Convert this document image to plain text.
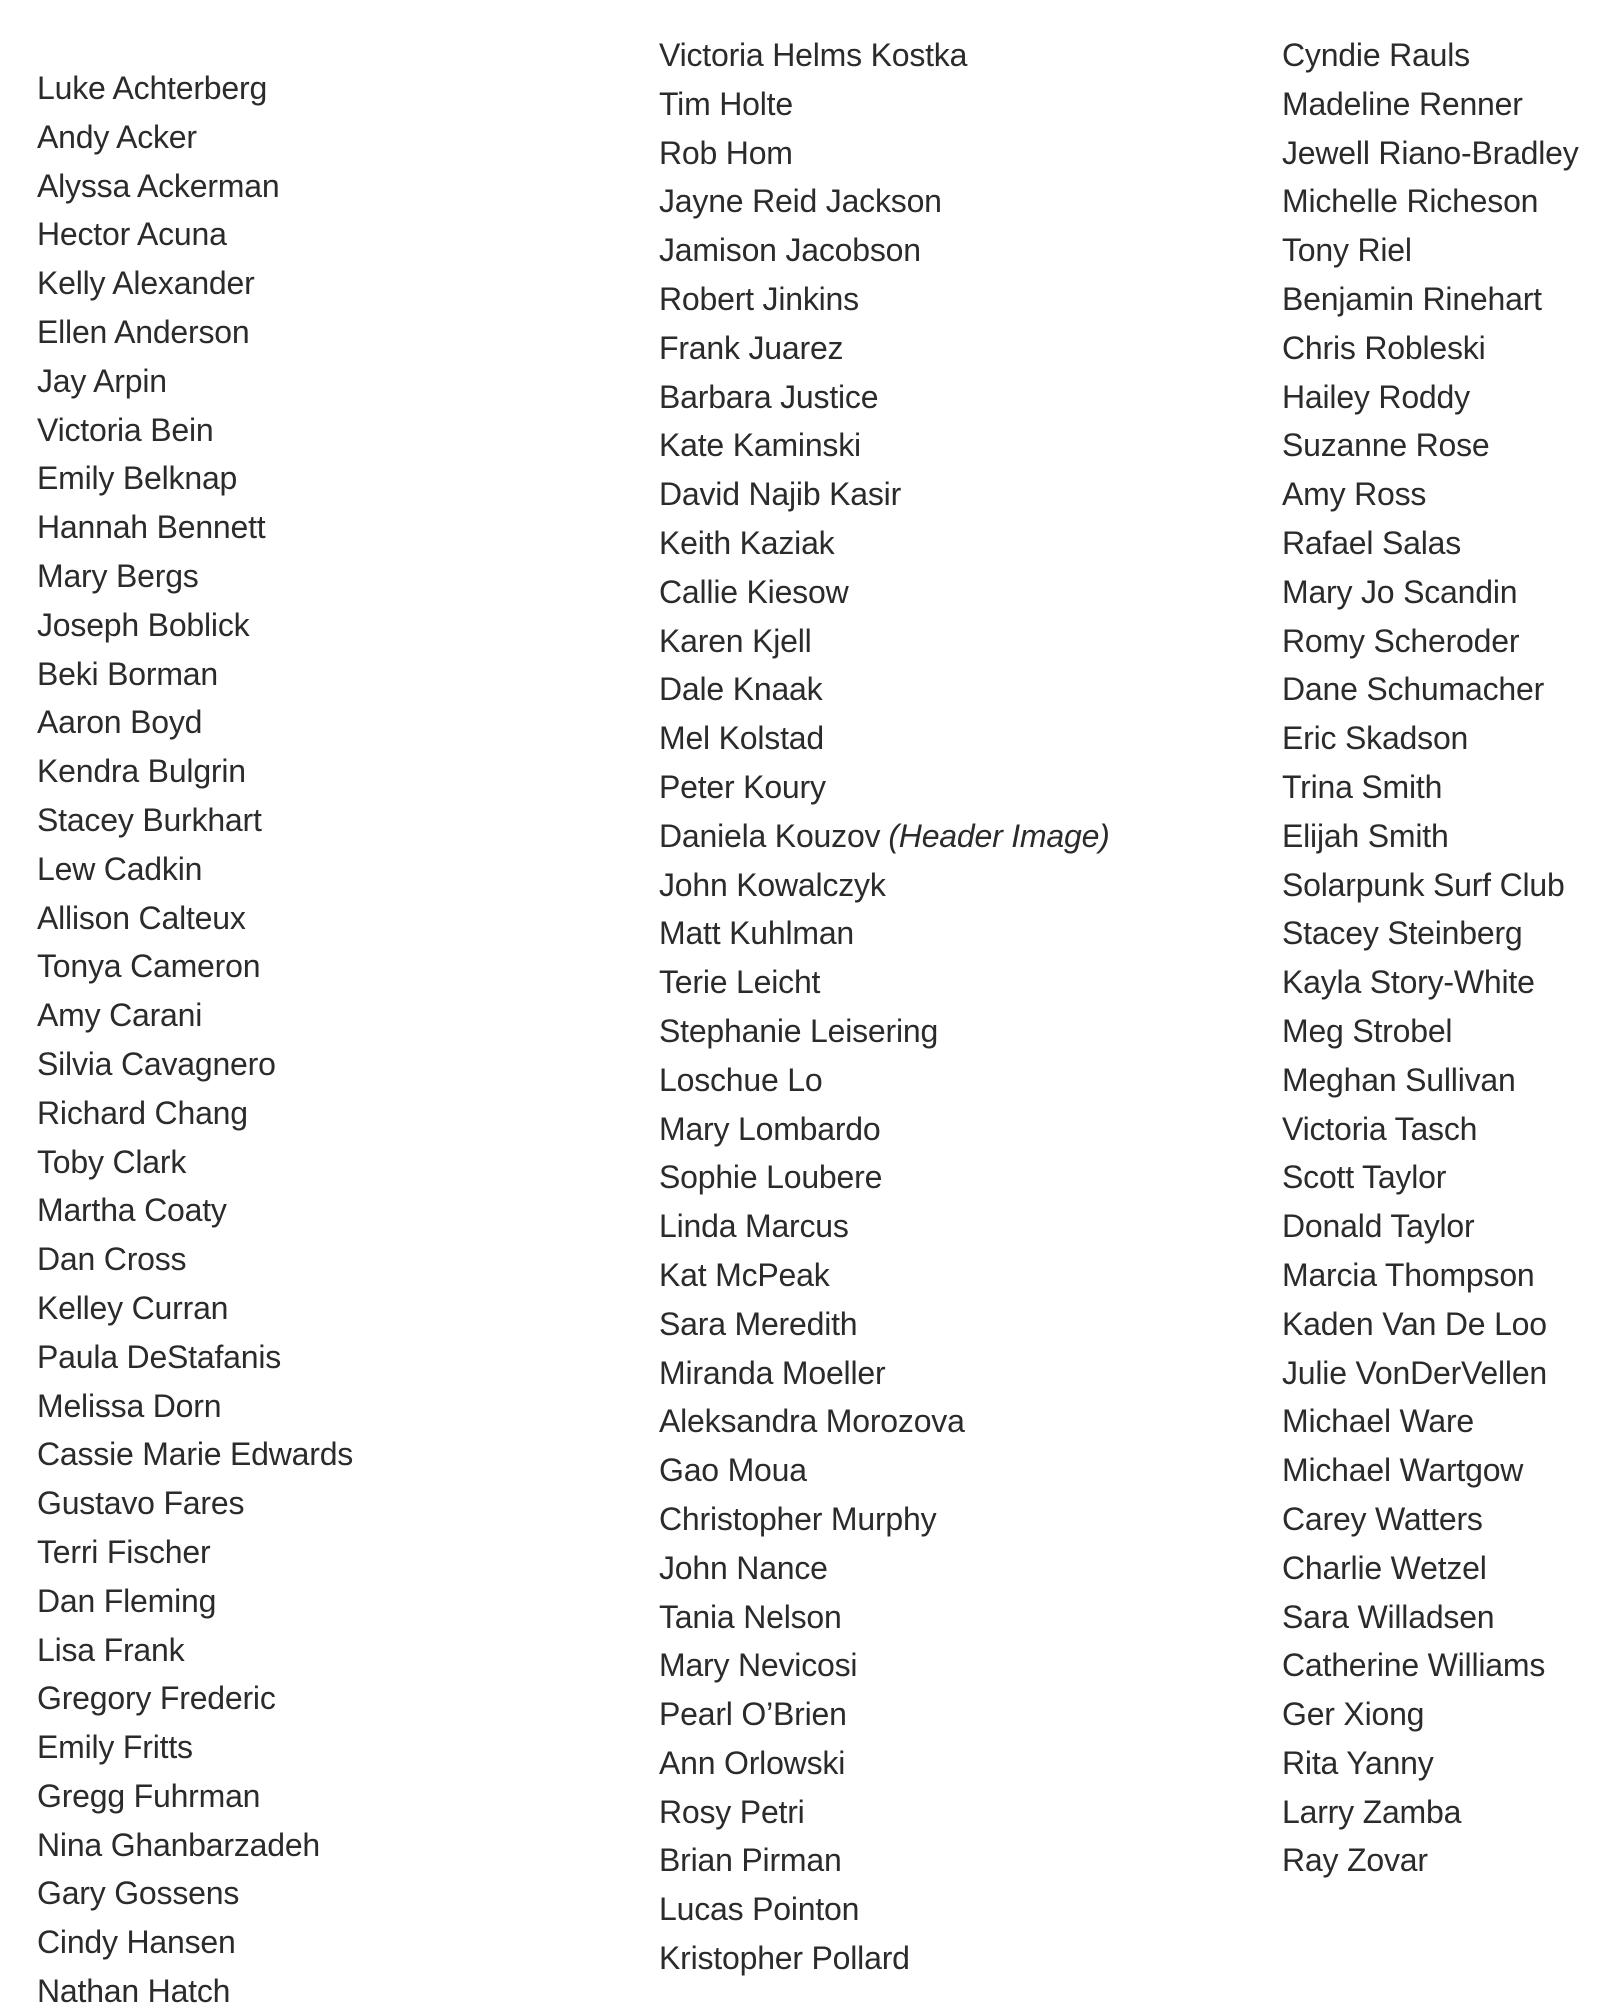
Luke Achterberg
Andy Acker
Alyssa Ackerman
Hector Acuna
Kelly Alexander
Ellen Anderson
Jay Arpin
Victoria Bein
Emily Belknap
Hannah Bennett
Mary Bergs
Joseph Boblick
Beki Borman
Aaron Boyd
Kendra Bulgrin
Stacey Burkhart
Lew Cadkin
Allison Calteux
Tonya Cameron
Amy Carani
Silvia Cavagnero
Richard Chang
Toby Clark
Martha Coaty
Dan Cross
Kelley Curran
Paula DeStafanis
Melissa Dorn
Cassie Marie Edwards
Gustavo Fares
Terri Fischer
Dan Fleming
Lisa Frank
Gregory Frederic
Emily Fritts
Gregg Fuhrman
Nina Ghanbarzadeh
Gary Gossens
Cindy Hansen
Nathan Hatch
Victoria Helms Kostka
Tim Holte
Rob Hom
Jayne Reid Jackson
Jamison Jacobson
Robert Jinkins
Frank Juarez
Barbara Justice
Kate Kaminski
David Najib Kasir
Keith Kaziak
Callie Kiesow
Karen Kjell
Dale Knaak
Mel Kolstad
Peter Koury
Daniela Kouzov (Header Image)
John Kowalczyk
Matt Kuhlman
Terie Leicht
Stephanie Leisering
Loschue Lo
Mary Lombardo
Sophie Loubere
Linda Marcus
Kat McPeak
Sara Meredith
Miranda Moeller
Aleksandra Morozova
Gao Moua
Christopher Murphy
John Nance
Tania Nelson
Mary Nevicosi
Pearl O’Brien
Ann Orlowski
Rosy Petri
Brian Pirman
Lucas Pointon
Kristopher Pollard
Cyndie Rauls
Madeline Renner
Jewell Riano-Bradley
Michelle Richeson
Tony Riel
Benjamin Rinehart
Chris Robleski
Hailey Roddy
Suzanne Rose
Amy Ross
Rafael Salas
Mary Jo Scandin
Romy Scheroder
Dane Schumacher
Eric Skadson
Trina Smith
Elijah Smith
Solarpunk Surf Club
Stacey Steinberg
Kayla Story-White
Meg Strobel
Meghan Sullivan
Victoria Tasch
Scott Taylor
Donald Taylor
Marcia Thompson
Kaden Van De Loo
Julie VonDerVellen
Michael Ware
Michael Wartgow
Carey Watters
Charlie Wetzel
Sara Willadsen
Catherine Williams
Ger Xiong
Rita Yanny
Larry Zamba
Ray Zovar
